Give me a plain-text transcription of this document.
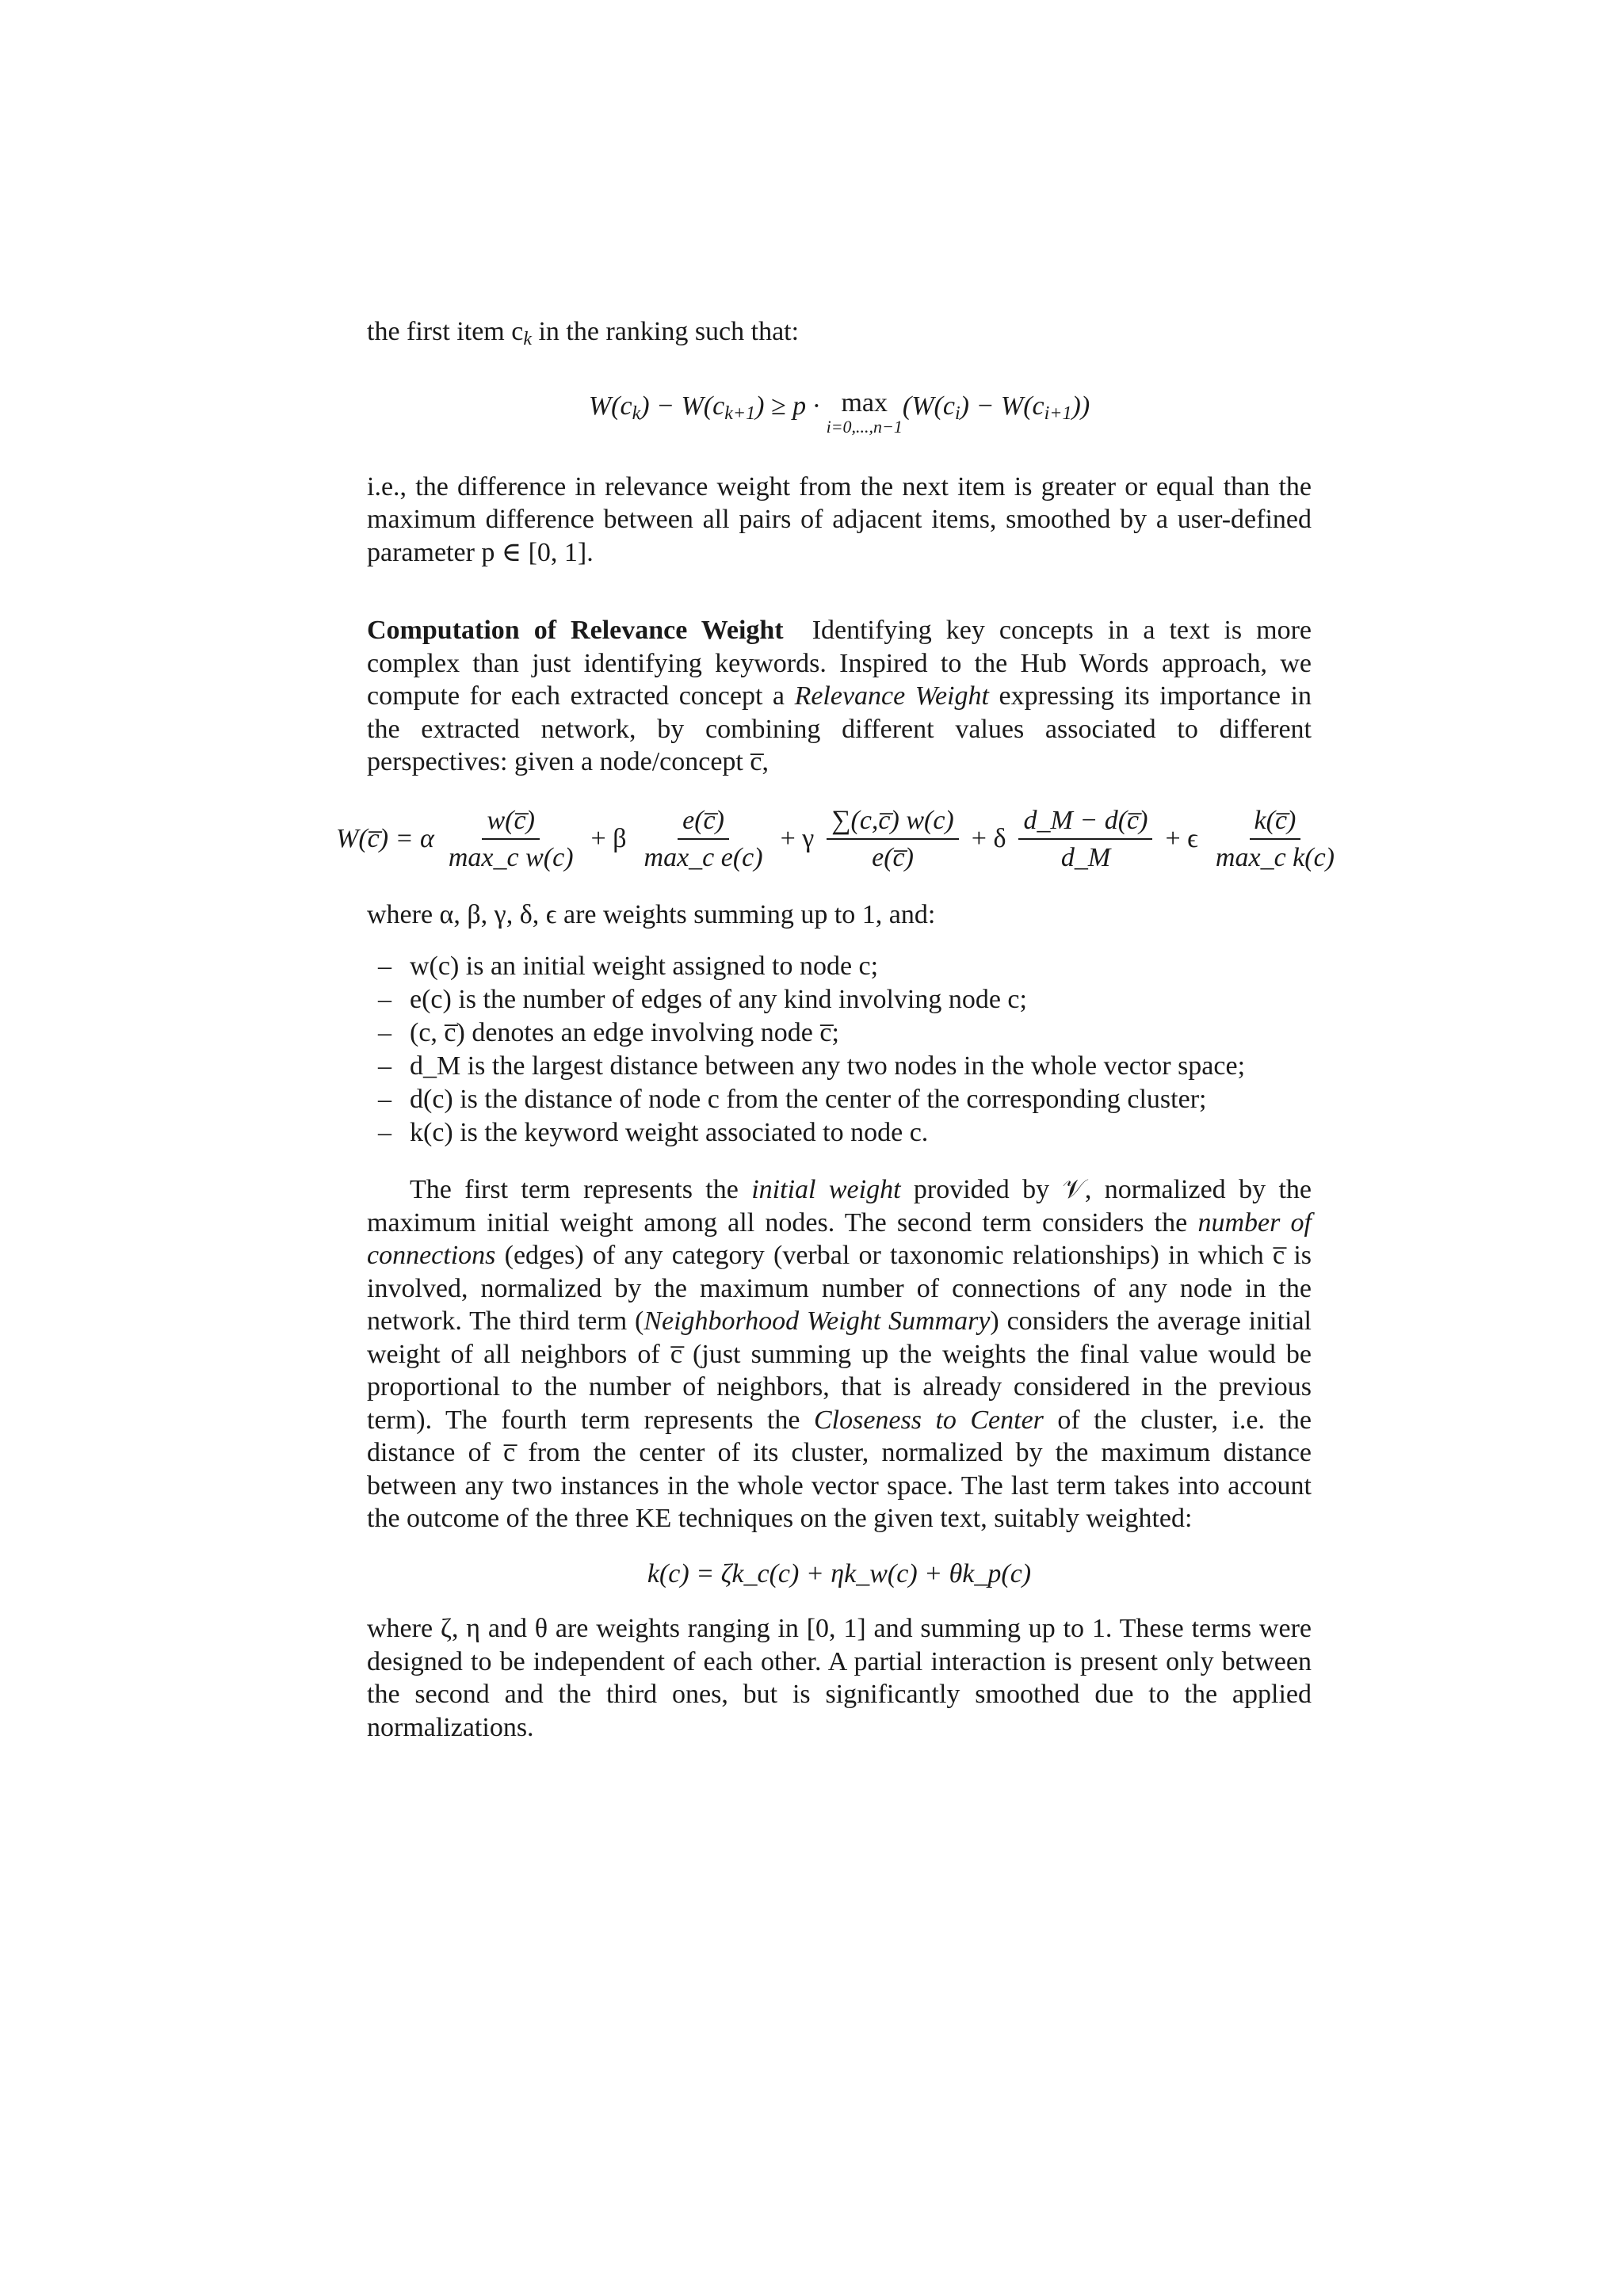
the first item $c_k$ in the ranking such that:

$W(c_k) - W(c_{k+1}) \ge p \cdot \max$
i=0,...,n−1
$(W(c_i) - W(c_{i+1}))$

i.e., the difference in relevance weight from the next item is greater or equal than the maximum difference between all pairs of adjacent items, smoothed by a user-defined parameter p ∈ [0, 1].

Computation of Relevance Weight Identifying key concepts in a text is more complex than just identifying keywords. Inspired to the Hub Words approach, we compute for each extracted concept a Relevance Weight expressing its importance in the extracted network, by combining different values associated to different perspectives: given a node/concept c̅,

W(c̅) = α $\frac{w(c̅)}{\text{max\_c w(c)}} + \beta \frac{e(c̅)}{\text{max\_c e(c)}} + \gamma \frac{\sum(c,c̅) w(c)}{e(c̅)} + \delta \frac{d\_M - d(c̅)}{d\_M} + \epsilon \frac{k(c̅)}{\text{max\_c k(c)}}$

where α, β, γ, δ, ϵ are weights summing up to 1, and:

– w(c) is an initial weight assigned to node c;
– e(c) is the number of edges of any kind involving node c;
– (c, c̅) denotes an edge involving node c̅;
– d_M is the largest distance between any two nodes in the whole vector space;
– d(c) is the distance of node c from the center of the corresponding cluster;
– k(c) is the keyword weight associated to node c.

The first term represents the initial weight provided by 𝒱, normalized by the maximum initial weight among all nodes. The second term considers the number of connections (edges) of any category (verbal or taxonomic relationships) in which c̅ is involved, normalized by the maximum number of connections of any node in the network. The third term (Neighborhood Weight Summary) considers the average initial weight of all neighbors of c̅ (just summing up the weights the final value would be proportional to the number of neighbors, that is already considered in the previous term). The fourth term represents the Closeness to Center of the cluster, i.e. the distance of c̅ from the center of its cluster, normalized by the maximum distance between any two instances in the whole vector space. The last term takes into account the outcome of the three KE techniques on the given text, suitably weighted:

k(c) = ζk_c(c) + ηk_w(c) + θk_p(c)

where ζ, η and θ are weights ranging in [0, 1] and summing up to 1. These terms were designed to be independent of each other. A partial interaction is present only between the second and the third ones, but is significantly smoothed due to the applied normalizations.
